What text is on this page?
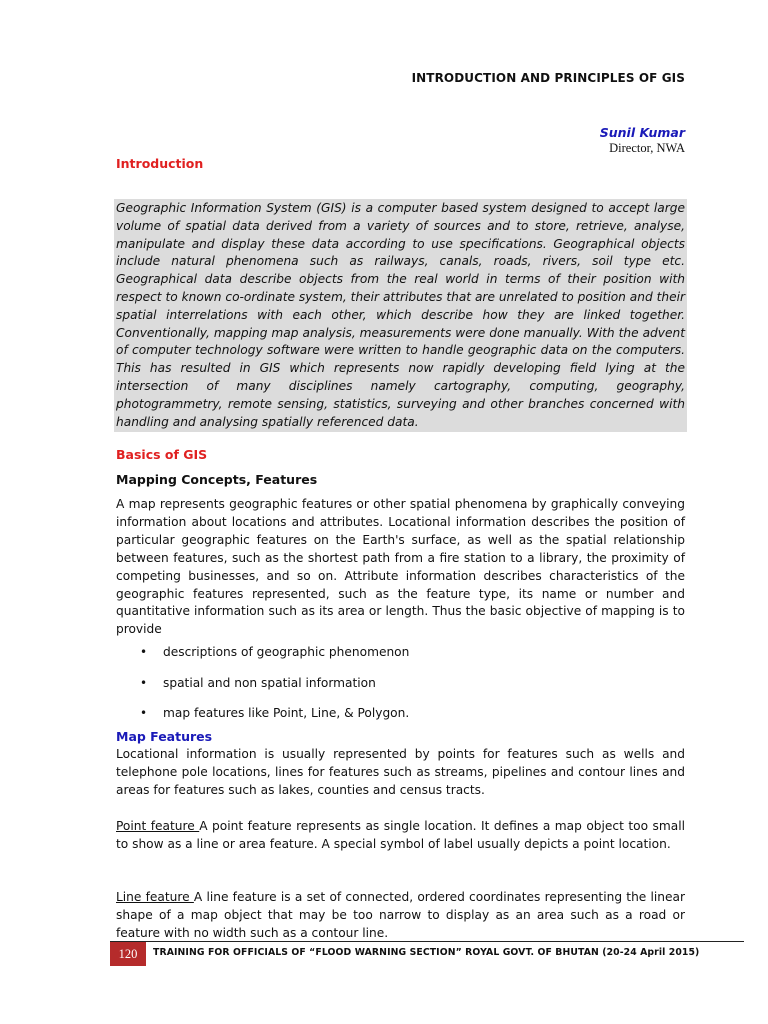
INTRODUCTION AND PRINCIPLES OF GIS
Sunil Kumar
Director, NWA
Introduction
Geographic Information System (GIS) is a computer based system designed to accept large volume of spatial data derived from a variety of sources and to store, retrieve, analyse, manipulate and display these data according to use specifications. Geographical objects include natural phenomena such as railways, canals, roads, rivers, soil type etc. Geographical data describe objects from the real world in terms of their position with respect to known co-ordinate system, their attributes that are unrelated to position and their spatial interrelations with each other, which describe how they are linked together. Conventionally, mapping map analysis, measurements were done manually. With the advent of computer technology software were written to handle geographic data on the computers. This has resulted in GIS which represents now rapidly developing field lying at the intersection of many disciplines namely cartography, computing, geography, photogrammetry, remote sensing, statistics, surveying and other branches concerned with handling and analysing spatially referenced data.
Basics of GIS
Mapping Concepts, Features
A map represents geographic features or other spatial phenomena by graphically conveying information about locations and attributes. Locational information describes the position of particular geographic features on the Earth's surface, as well as the spatial relationship between features, such as the shortest path from a fire station to a library, the proximity of competing businesses, and so on. Attribute information describes characteristics of the geographic features represented, such as the feature type, its name or number and quantitative information such as its area or length. Thus the basic objective of mapping is to provide
• descriptions of geographic phenomenon
• spatial and non spatial information
• map features like Point, Line, & Polygon.
Map Features
Locational information is usually represented by points for features such as wells and telephone pole locations, lines for features such as streams, pipelines and contour lines and areas for features such as lakes, counties and census tracts.
Point feature A point feature represents as single location. It defines a map object too small to show as a line or area feature. A special symbol of label usually depicts a point location.
Line feature A line feature is a set of connected, ordered coordinates representing the linear shape of a map object that may be too narrow to display as an area such as a road or feature with no width such as a contour line.
120	TRAINING FOR OFFICIALS OF “FLOOD WARNING SECTION” ROYAL GOVT. OF BHUTAN (20-24 April 2015)
